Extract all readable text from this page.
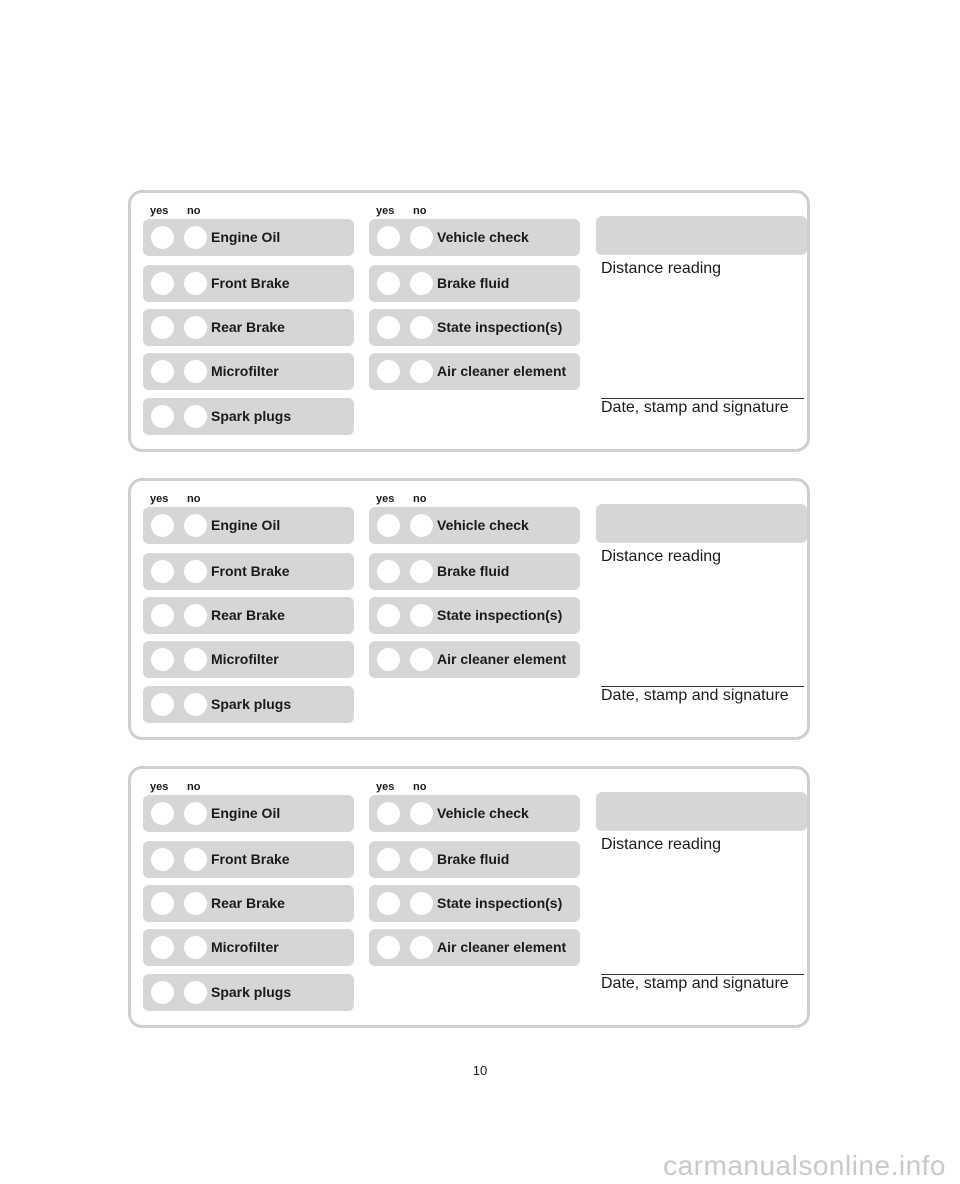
yes no	yes no
Engine Oil
Front Brake
Rear Brake
Microfilter
Spark plugs
Vehicle check
Brake fluid
State inspection(s)
Air cleaner element
Distance reading
Date, stamp and signature
yes no	yes no
Engine Oil
Front Brake
Rear Brake
Microfilter
Spark plugs
Vehicle check
Brake fluid
State inspection(s)
Air cleaner element
Distance reading
Date, stamp and signature
yes no	yes no
Engine Oil
Front Brake
Rear Brake
Microfilter
Spark plugs
Vehicle check
Brake fluid
State inspection(s)
Air cleaner element
Distance reading
Date, stamp and signature
10
carmanualsonline.info
